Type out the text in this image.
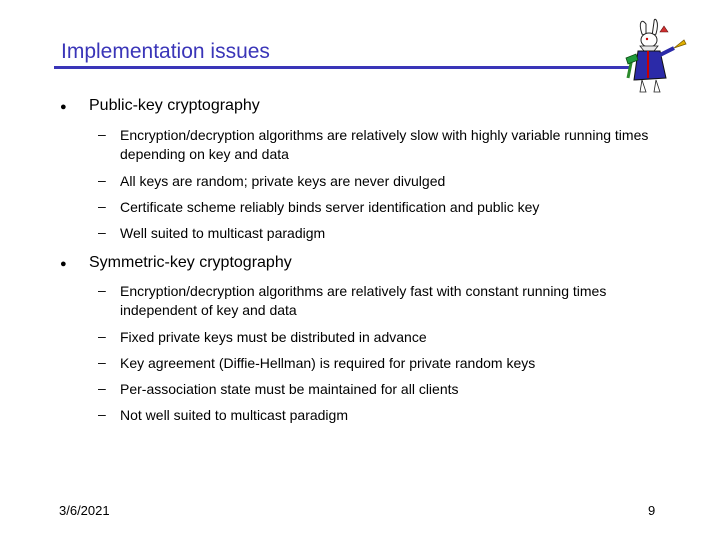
Implementation issues
● Public-key cryptography
– Encryption/decryption algorithms are relatively slow with highly variable running times depending on key and data
– All keys are random; private keys are never divulged
– Certificate scheme reliably binds server identification and public key
– Well suited to multicast paradigm
● Symmetric-key cryptography
– Encryption/decryption algorithms are relatively fast with constant running times independent of key and data
– Fixed private keys must be distributed in advance
– Key agreement (Diffie-Hellman) is required for private random keys
– Per-association state must be maintained for all clients
– Not well suited to multicast paradigm
3/6/2021	9
